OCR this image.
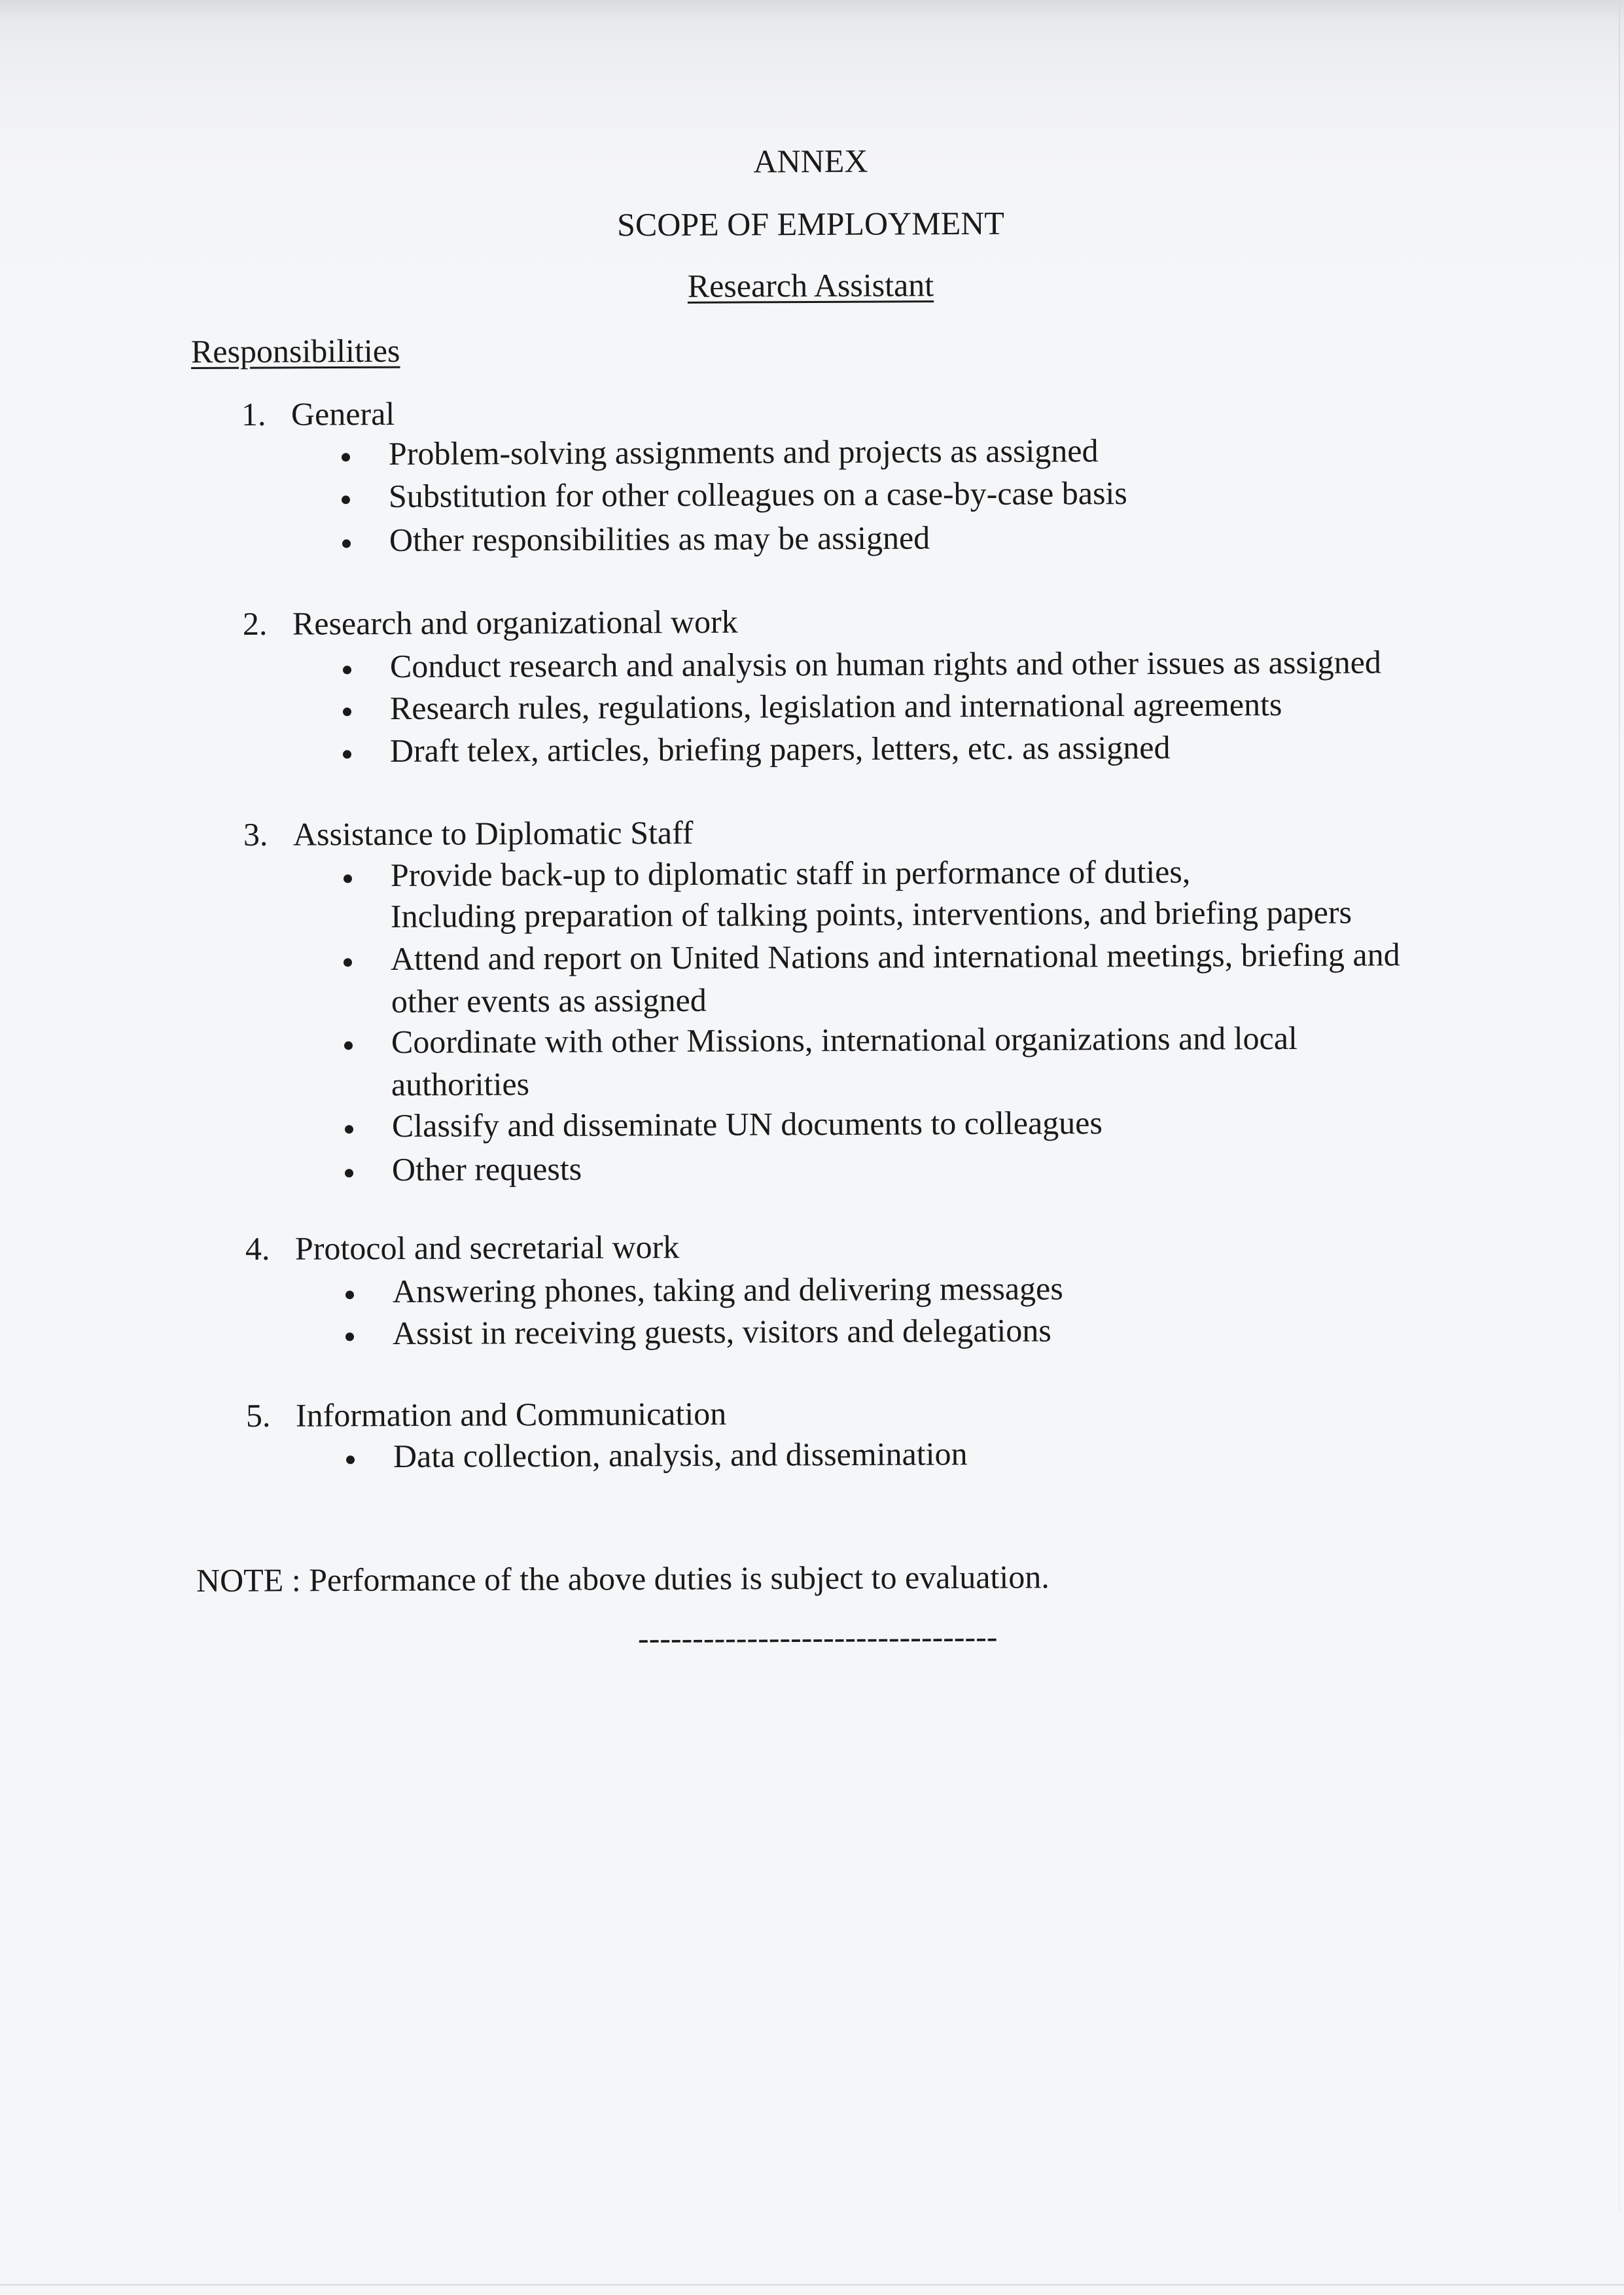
ANNEX
SCOPE OF EMPLOYMENT
Research Assistant
Responsibilities
1. General
Problem-solving assignments and projects as assigned
Substitution for other colleagues on a case-by-case basis
Other responsibilities as may be assigned
2. Research and organizational work
Conduct research and analysis on human rights and other issues as assigned
Research rules, regulations, legislation and international agreements
Draft telex, articles, briefing papers, letters, etc. as assigned
3. Assistance to Diplomatic Staff
Provide back-up to diplomatic staff in performance of duties,
Including preparation of talking points, interventions, and briefing papers
Attend and report on United Nations and international meetings, briefing and
other events as assigned
Coordinate with other Missions, international organizations and local
authorities
Classify and disseminate UN documents to colleagues
Other requests
4. Protocol and secretarial work
Answering phones, taking and delivering messages
Assist in receiving guests, visitors and delegations
5. Information and Communication
Data collection, analysis, and dissemination
NOTE : Performance of the above duties is subject to evaluation.
---------------------------------
